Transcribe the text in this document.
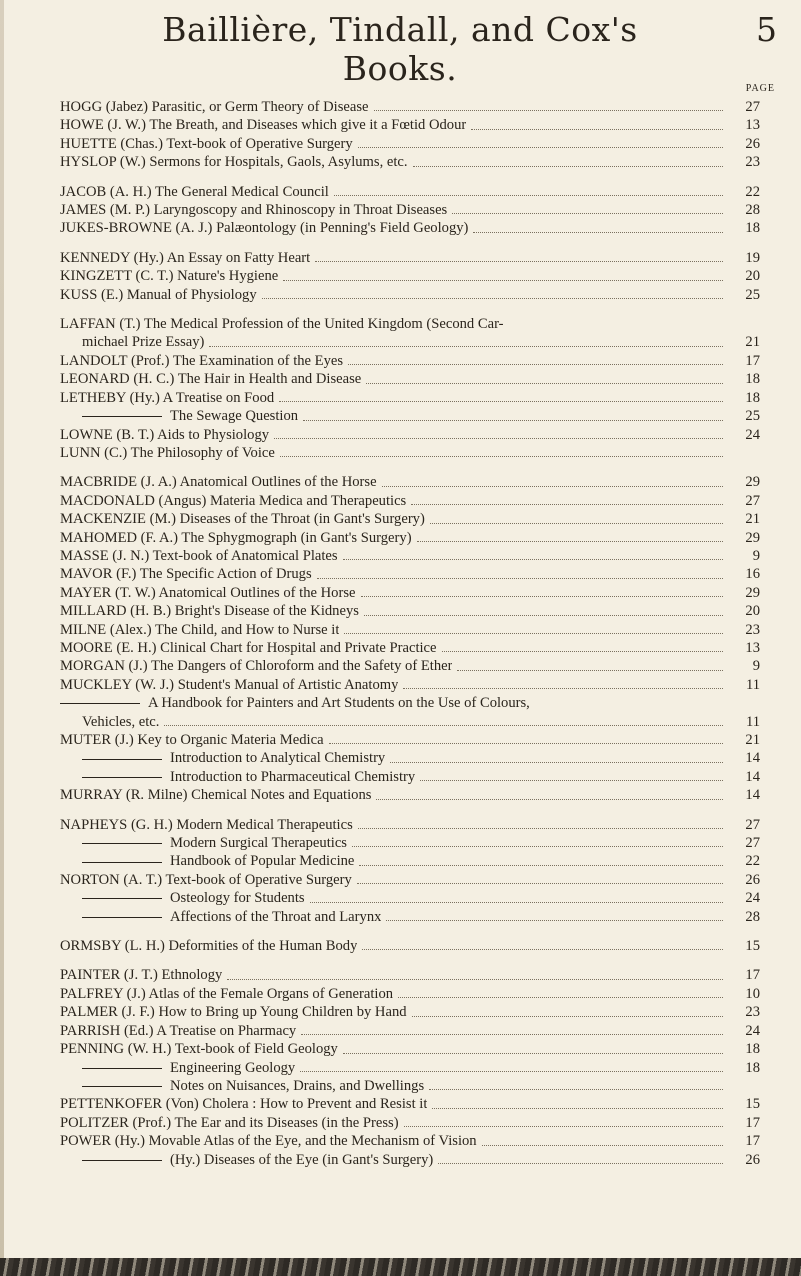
Baillière, Tindall, and Cox's Books.
5
PAGE
HOGG (Jabez) Parasitic, or Germ Theory of Disease	27
HOWE (J. W.) The Breath, and Diseases which give it a Fœtid Odour	13
HUETTE (Chas.) Text-book of Operative Surgery	26
HYSLOP (W.) Sermons for Hospitals, Gaols, Asylums, etc.	23
JACOB (A. H.) The General Medical Council	22
JAMES (M. P.) Laryngoscopy and Rhinoscopy in Throat Diseases	28
JUKES-BROWNE (A. J.) Palæontology (in Penning's Field Geology)	18
KENNEDY (Hy.) An Essay on Fatty Heart	19
KINGZETT (C. T.) Nature's Hygiene	20
KUSS (E.) Manual of Physiology	25
LAFFAN (T.) The Medical Profession of the United Kingdom (Second Car-
michael Prize Essay)	21
LANDOLT (Prof.) The Examination of the Eyes	17
LEONARD (H. C.) The Hair in Health and Disease	18
LETHEBY (Hy.) A Treatise on Food	18
The Sewage Question	25
LOWNE (B. T.) Aids to Physiology	24
LUNN (C.) The Philosophy of Voice
MACBRIDE (J. A.) Anatomical Outlines of the Horse	29
MACDONALD (Angus) Materia Medica and Therapeutics	27
MACKENZIE (M.) Diseases of the Throat (in Gant's Surgery)	21
MAHOMED (F. A.) The Sphygmograph (in Gant's Surgery)	29
MASSE (J. N.) Text-book of Anatomical Plates	9
MAVOR (F.) The Specific Action of Drugs	16
MAYER (T. W.) Anatomical Outlines of the Horse	29
MILLARD (H. B.) Bright's Disease of the Kidneys	20
MILNE (Alex.) The Child, and How to Nurse it	23
MOORE (E. H.) Clinical Chart for Hospital and Private Practice	13
MORGAN (J.) The Dangers of Chloroform and the Safety of Ether	9
MUCKLEY (W. J.) Student's Manual of Artistic Anatomy	11
A Handbook for Painters and Art Students on the Use of Colours,
Vehicles, etc.	11
MUTER (J.) Key to Organic Materia Medica	21
Introduction to Analytical Chemistry	14
Introduction to Pharmaceutical Chemistry	14
MURRAY (R. Milne) Chemical Notes and Equations	14
NAPHEYS (G. H.) Modern Medical Therapeutics	27
Modern Surgical Therapeutics	27
Handbook of Popular Medicine	22
NORTON (A. T.) Text-book of Operative Surgery	26
Osteology for Students	24
Affections of the Throat and Larynx	28
ORMSBY (L. H.) Deformities of the Human Body	15
PAINTER (J. T.) Ethnology	17
PALFREY (J.) Atlas of the Female Organs of Generation	10
PALMER (J. F.) How to Bring up Young Children by Hand	23
PARRISH (Ed.) A Treatise on Pharmacy	24
PENNING (W. H.) Text-book of Field Geology	18
Engineering Geology	18
Notes on Nuisances, Drains, and Dwellings
PETTENKOFER (Von) Cholera : How to Prevent and Resist it	15
POLITZER (Prof.) The Ear and its Diseases (in the Press)	17
POWER (Hy.) Movable Atlas of the Eye, and the Mechanism of Vision	17
(Hy.) Diseases of the Eye (in Gant's Surgery)	26
